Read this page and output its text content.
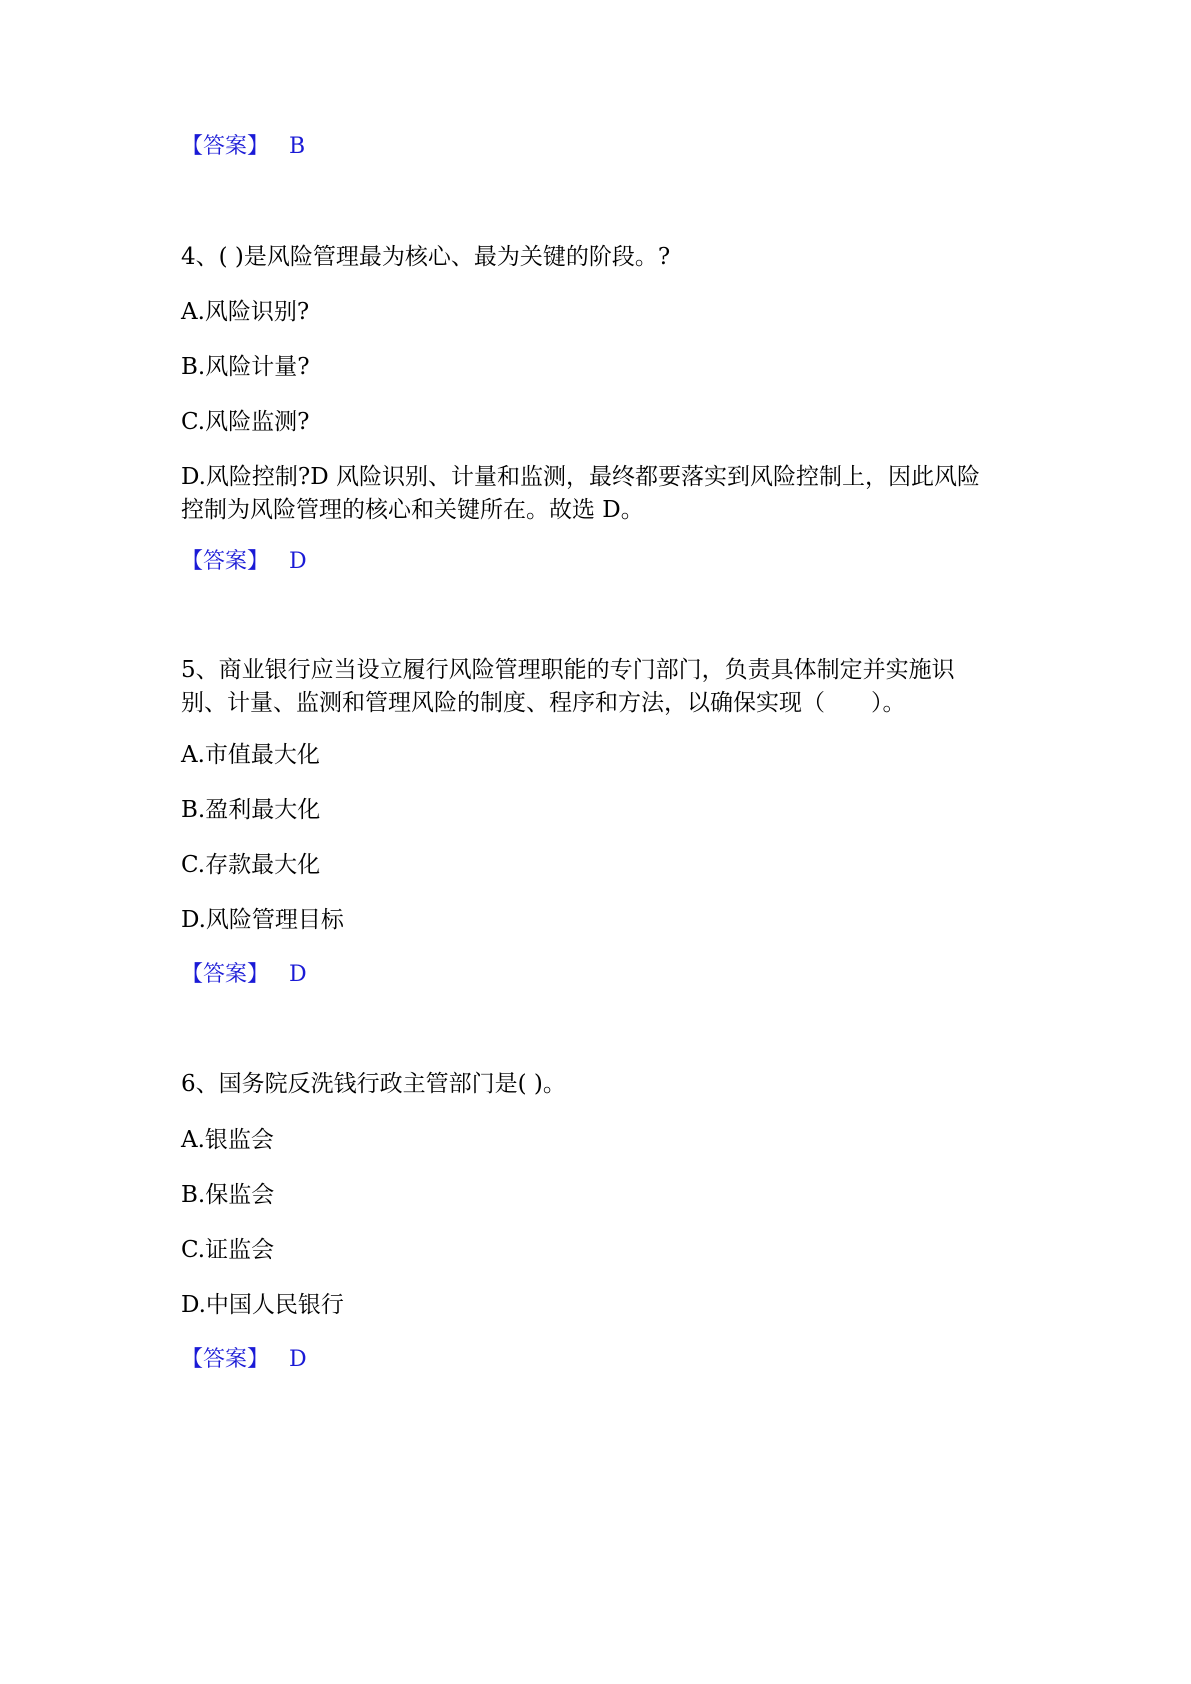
【答案】 B
4、( )是风险管理最为核心、最为关键的阶段。?
A.风险识别?
B.风险计量?
C.风险监测?
D.风险控制?D 风险识别、计量和监测，最终都要落实到风险控制上，因此风险
控制为风险管理的核心和关键所在。故选 D。
【答案】 D
5、商业银行应当设立履行风险管理职能的专门部门，负责具体制定并实施识
别、计量、监测和管理风险的制度、程序和方法，以确保实现（　　）。
A.市值最大化
B.盈利最大化
C.存款最大化
D.风险管理目标
【答案】 D
6、国务院反洗钱行政主管部门是( )。
A.银监会
B.保监会
C.证监会
D.中国人民银行
【答案】 D
